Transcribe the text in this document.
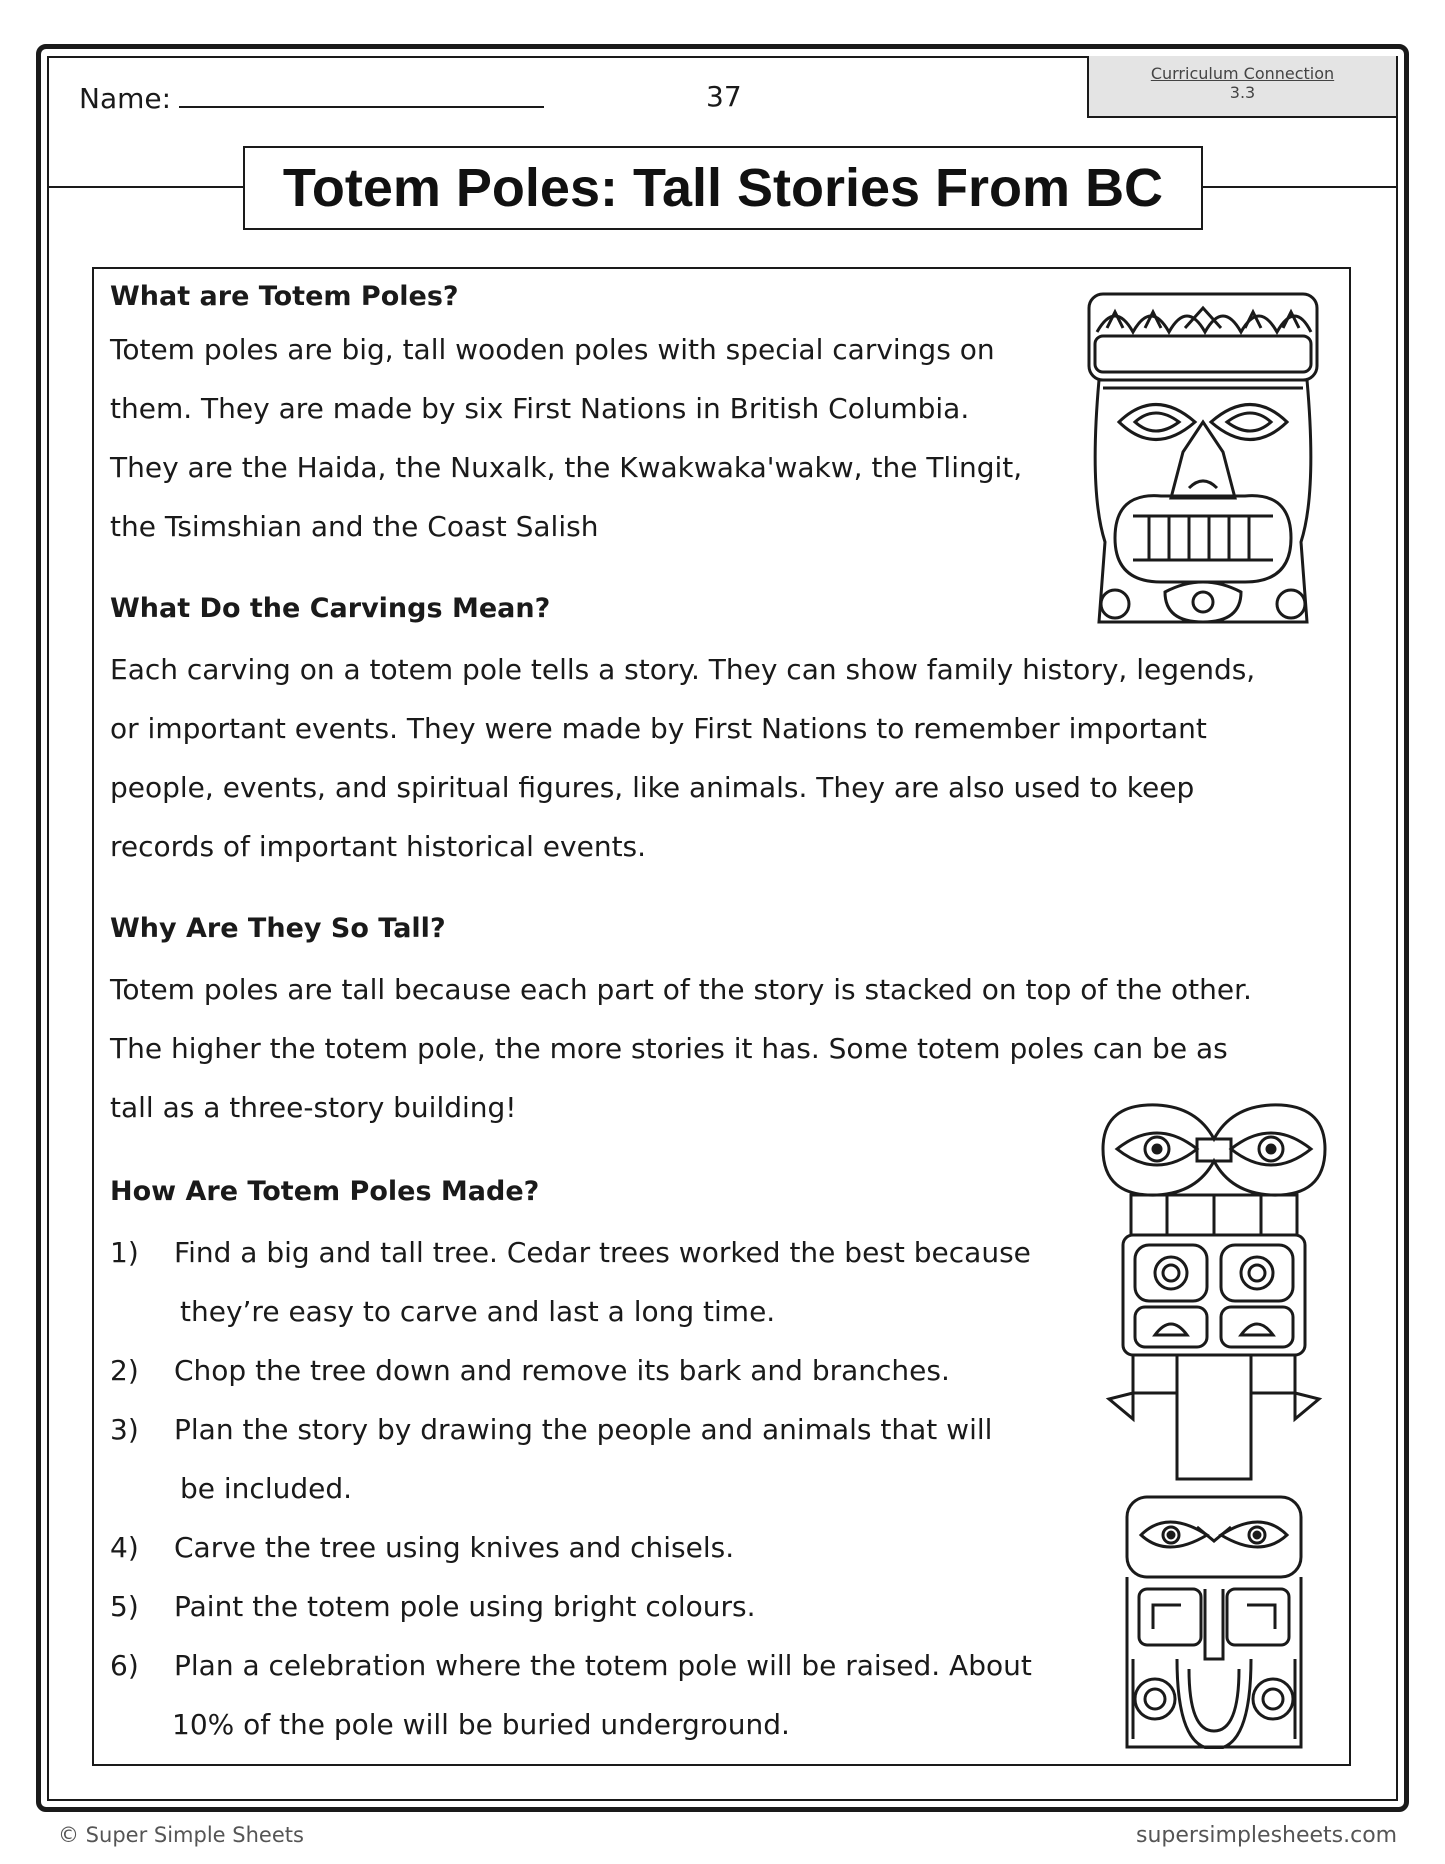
Name:	37
Curriculum Connection
3.3
Totem Poles: Tall Stories From BC
What are Totem Poles?
Totem poles are big, tall wooden poles with special carvings on
them. They are made by six First Nations in British Columbia.
They are the Haida, the Nuxalk, the Kwakwaka'wakw, the Tlingit,
the Tsimshian and the Coast Salish
What Do the Carvings Mean?
Each carving on a totem pole tells a story. They can show family history, legends,
or important events. They were made by First Nations to remember important
people, events, and spiritual figures, like animals. They are also used to keep
records of important historical events.
Why Are They So Tall?
Totem poles are tall because each part of the story is stacked on top of the other.
The higher the totem pole, the more stories it has. Some totem poles can be as
tall as a three-story building!
How Are Totem Poles Made?
1)	Find a big and tall tree. Cedar trees worked the best because
they’re easy to carve and last a long time.
2)	Chop the tree down and remove its bark and branches.
3)	Plan the story by drawing the people and animals that will
be included.
4)	Carve the tree using knives and chisels.
5)	Paint the totem pole using bright colours.
6)	Plan a celebration where the totem pole will be raised. About
10% of the pole will be buried underground.
© Super Simple Sheets	supersimplesheets.com
